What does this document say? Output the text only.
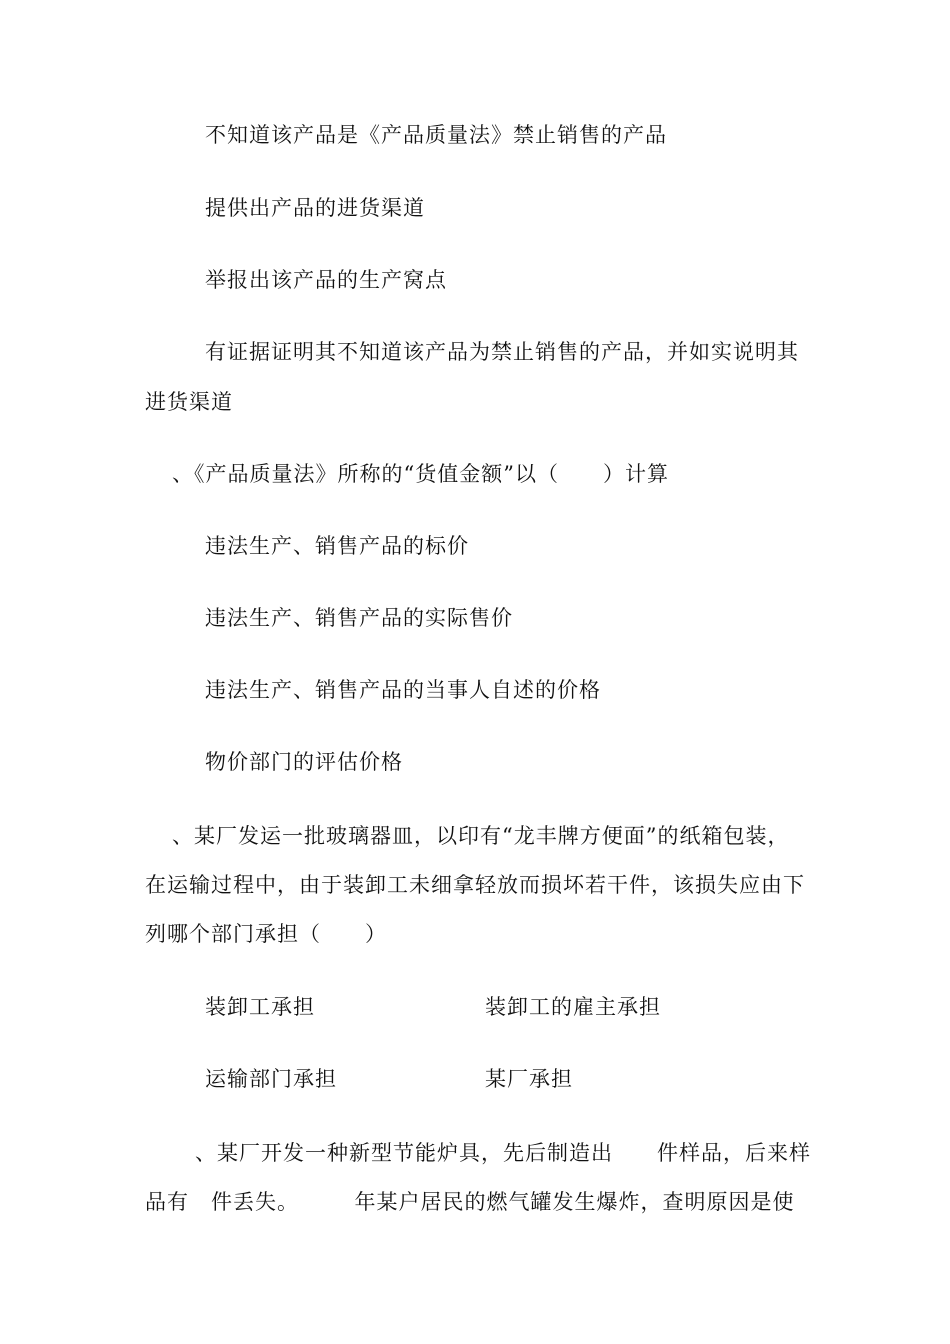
不知道该产品是《产品质量法》禁止销售的产品
提供出产品的进货渠道
举报出该产品的生产窝点
有证据证明其不知道该产品为禁止销售的产品，并如实说明其
进货渠道
、《产品质量法》所称的“货值金额”以（　　）计算
违法生产、销售产品的标价
违法生产、销售产品的实际售价
违法生产、销售产品的当事人自述的价格
物价部门的评估价格
、某厂发运一批玻璃器皿，以印有“龙丰牌方便面”的纸箱包装，
在运输过程中，由于装卸工未细拿轻放而损坏若干件，该损失应由下
列哪个部门承担（　　）
装卸工承担	装卸工的雇主承担
运输部门承担	某厂承担
、某厂开发一种新型节能炉具，先后制造出　　件样品，后来样
品有　件丢失。　　　年某户居民的燃气罐发生爆炸，查明原因是使
